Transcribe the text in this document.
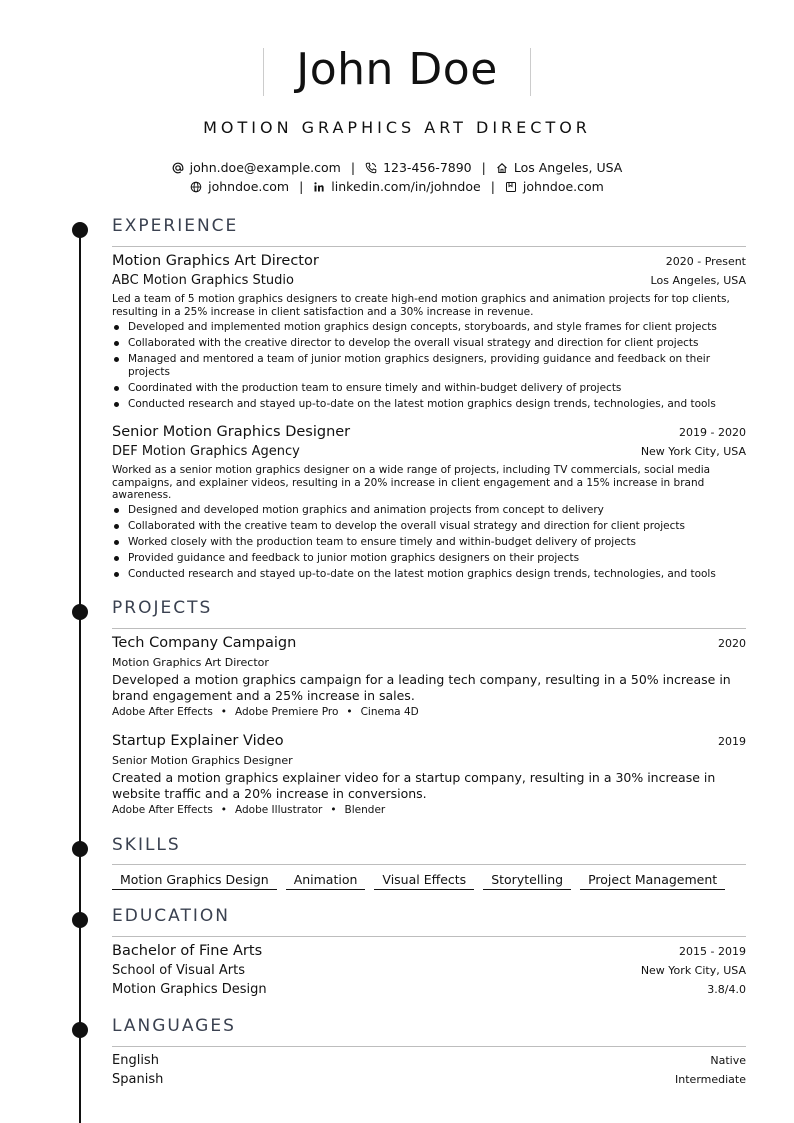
John Doe
MOTION GRAPHICS ART DIRECTOR
john.doe@example.com | 123-456-7890 | Los Angeles, USA
johndoe.com | linkedin.com/in/johndoe | johndoe.com
EXPERIENCE
Motion Graphics Art Director	2020 - Present
ABC Motion Graphics Studio	Los Angeles, USA
Led a team of 5 motion graphics designers to create high-end motion graphics and animation projects for top clients, resulting in a 25% increase in client satisfaction and a 30% increase in revenue.
Developed and implemented motion graphics design concepts, storyboards, and style frames for client projects
Collaborated with the creative director to develop the overall visual strategy and direction for client projects
Managed and mentored a team of junior motion graphics designers, providing guidance and feedback on their projects
Coordinated with the production team to ensure timely and within-budget delivery of projects
Conducted research and stayed up-to-date on the latest motion graphics design trends, technologies, and tools
Senior Motion Graphics Designer	2019 - 2020
DEF Motion Graphics Agency	New York City, USA
Worked as a senior motion graphics designer on a wide range of projects, including TV commercials, social media campaigns, and explainer videos, resulting in a 20% increase in client engagement and a 15% increase in brand awareness.
Designed and developed motion graphics and animation projects from concept to delivery
Collaborated with the creative team to develop the overall visual strategy and direction for client projects
Worked closely with the production team to ensure timely and within-budget delivery of projects
Provided guidance and feedback to junior motion graphics designers on their projects
Conducted research and stayed up-to-date on the latest motion graphics design trends, technologies, and tools
PROJECTS
Tech Company Campaign	2020
Motion Graphics Art Director
Developed a motion graphics campaign for a leading tech company, resulting in a 50% increase in brand engagement and a 25% increase in sales.
Adobe After Effects • Adobe Premiere Pro • Cinema 4D
Startup Explainer Video	2019
Senior Motion Graphics Designer
Created a motion graphics explainer video for a startup company, resulting in a 30% increase in website traffic and a 20% increase in conversions.
Adobe After Effects • Adobe Illustrator • Blender
SKILLS
Motion Graphics Design	Animation	Visual Effects	Storytelling	Project Management
EDUCATION
Bachelor of Fine Arts	2015 - 2019
School of Visual Arts	New York City, USA
Motion Graphics Design	3.8/4.0
LANGUAGES
English	Native
Spanish	Intermediate
